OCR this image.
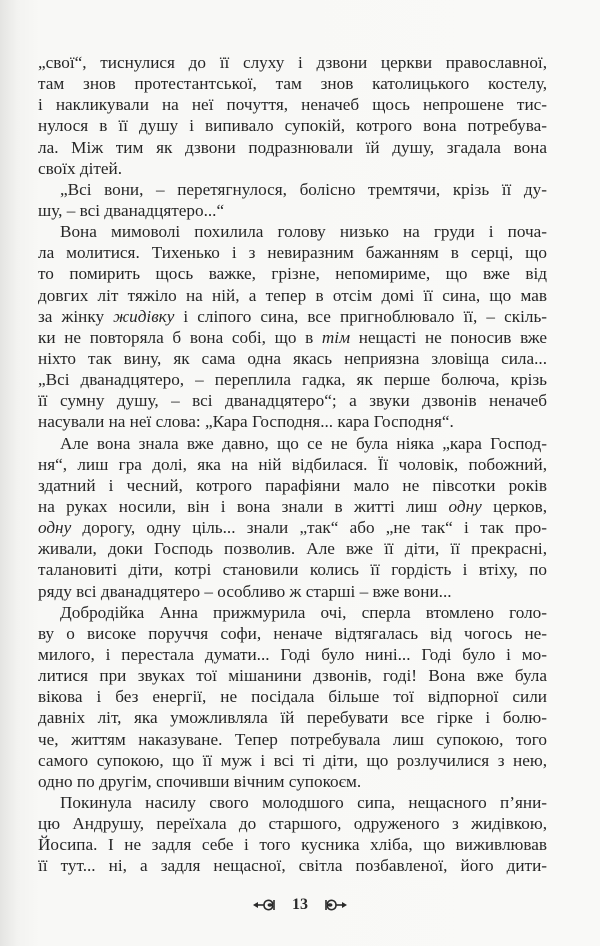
„свої“, тиснулися до її слуху і дзвони церкви православної,
там знов протестантської, там знов католицького костелу,
і накликували на неї почуття, неначеб щось непрошене тис-
нулося в її душу і випивало супокій, котрого вона потребува-
ла. Між тим як дзвони подразнювали їй душу, згадала вона
своїх дітей.
„Всі вони, – перетягнулося, болісно тремтячи, крізь її ду-
шу, – всі дванадцятеро...“
Вона мимоволі похилила голову низько на груди і поча-
ла молитися. Тихенько і з невиразним бажанням в серці, що
то помирить щось важке, грізне, непомириме, що вже від
довгих літ тяжіло на ній, а тепер в отсім домі її сина, що мав
за жінку жидівку і сліпого сина, все пригноблювало її, – скіль-
ки не повторяла б вона собі, що в тім нещасті не поносив вже
ніхто так вину, як сама одна якась неприязна зловіща сила...
„Всі дванадцятеро, – переплила гадка, як перше болюча, крізь
її сумну душу, – всі дванадцятеро“; а звуки дзвонів неначеб
насували на неї слова: „Кара Господня... кара Господня“.
Але вона знала вже давно, що се не була ніяка „кара Господ-
ня“, лиш гра долі, яка на ній відбилася. Її чоловік, побожний,
здатний і чесний, котрого парафіяни мало не півсотки років
на руках носили, він і вона знали в житті лиш одну церков,
одну дорогу, одну ціль... знали „так“ або „не так“ і так про-
живали, доки Господь позволив. Але вже її діти, її прекрасні,
талановиті діти, котрі становили колись її гордість і втіху, по
ряду всі дванадцятеро – особливо ж старші – вже вони...
Добродійка Анна прижмурила очі, сперла втомлено голо-
ву о високе поруччя софи, неначе відтягалась від чогось не-
милого, і перестала думати... Годі було нині... Годі було і мо-
литися при звуках тої мішанини дзвонів, годі! Вона вже була
вікова і без енергії, не посідала більше тої відпорної сили
давніх літ, яка уможливляла їй перебувати все гірке і болю-
че, життям наказуване. Тепер потребувала лиш супокою, того
самого супокою, що її муж і всі ті діти, що розлучилися з нею,
одно по другім, спочивши вічним супокоєм.
Покинула насилу свого молодшого сипа, нещасного п’яни-
цю Андрушу, переїхала до старшого, одруженого з жидівкою,
Йосипа. І не задля себе і того кусника хліба, що виживлював
її тут... ні, а задля нещасної, світла позбавленої, його дити-
13
